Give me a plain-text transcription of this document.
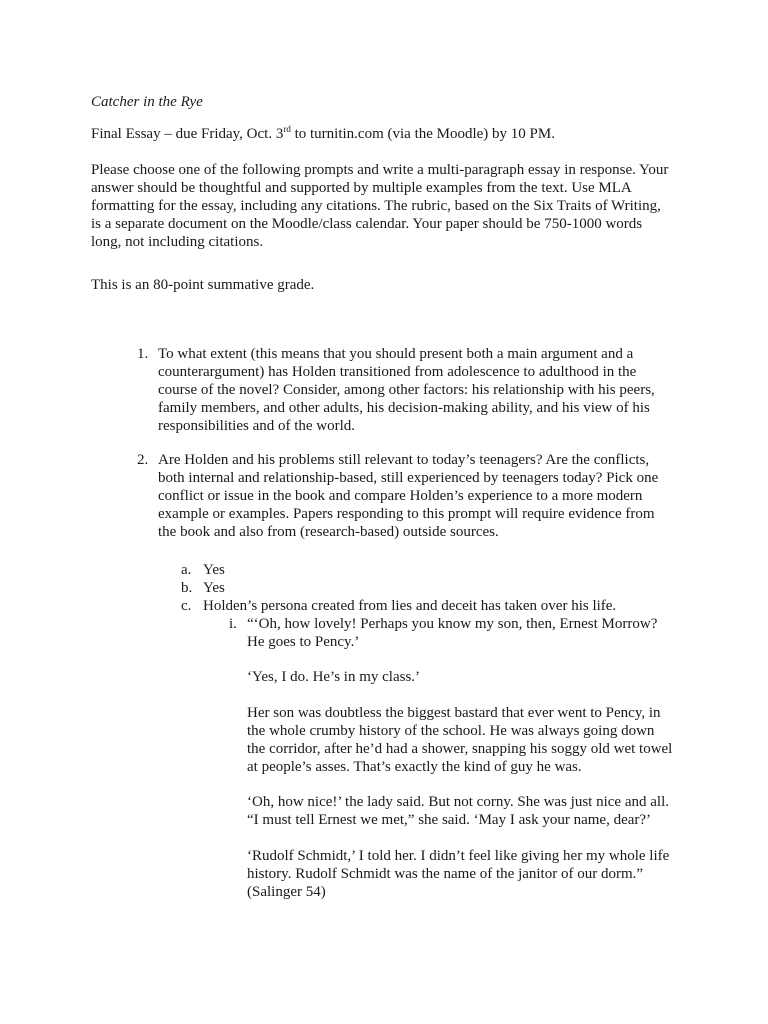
Catcher in the Rye
Final Essay – due Friday, Oct. 3rd to turnitin.com (via the Moodle) by 10 PM.

Please choose one of the following prompts and write a multi-paragraph essay in response. Your
answer should be thoughtful and supported by multiple examples from the text. Use MLA
formatting for the essay, including any citations. The rubric, based on the Six Traits of Writing,
is a separate document on the Moodle/class calendar. Your paper should be 750-1000 words
long, not including citations.

This is an 80-point summative grade.
1. To what extent (this means that you should present both a main argument and a
counterargument) has Holden transitioned from adolescence to adulthood in the
course of the novel? Consider, among other factors: his relationship with his peers,
family members, and other adults, his decision-making ability, and his view of his
responsibilities and of the world.
2. Are Holden and his problems still relevant to today’s teenagers? Are the conflicts,
both internal and relationship-based, still experienced by teenagers today? Pick one
conflict or issue in the book and compare Holden’s experience to a more modern
example or examples. Papers responding to this prompt will require evidence from
the book and also from (research-based) outside sources.
a. Yes
b. Yes
c. Holden’s persona created from lies and deceit has taken over his life.
i. “‘Oh, how lovely! Perhaps you know my son, then, Ernest Morrow?
He goes to Pency.’
‘Yes, I do. He’s in my class.’
Her son was doubtless the biggest bastard that ever went to Pency, in
the whole crumby history of the school. He was always going down
the corridor, after he’d had a shower, snapping his soggy old wet towel
at people’s asses. That’s exactly the kind of guy he was.
‘Oh, how nice!’ the lady said. But not corny. She was just nice and all.
“I must tell Ernest we met,” she said. ‘May I ask your name, dear?’
‘Rudolf Schmidt,’ I told her. I didn’t feel like giving her my whole life
history. Rudolf Schmidt was the name of the janitor of our dorm.”
(Salinger 54)
